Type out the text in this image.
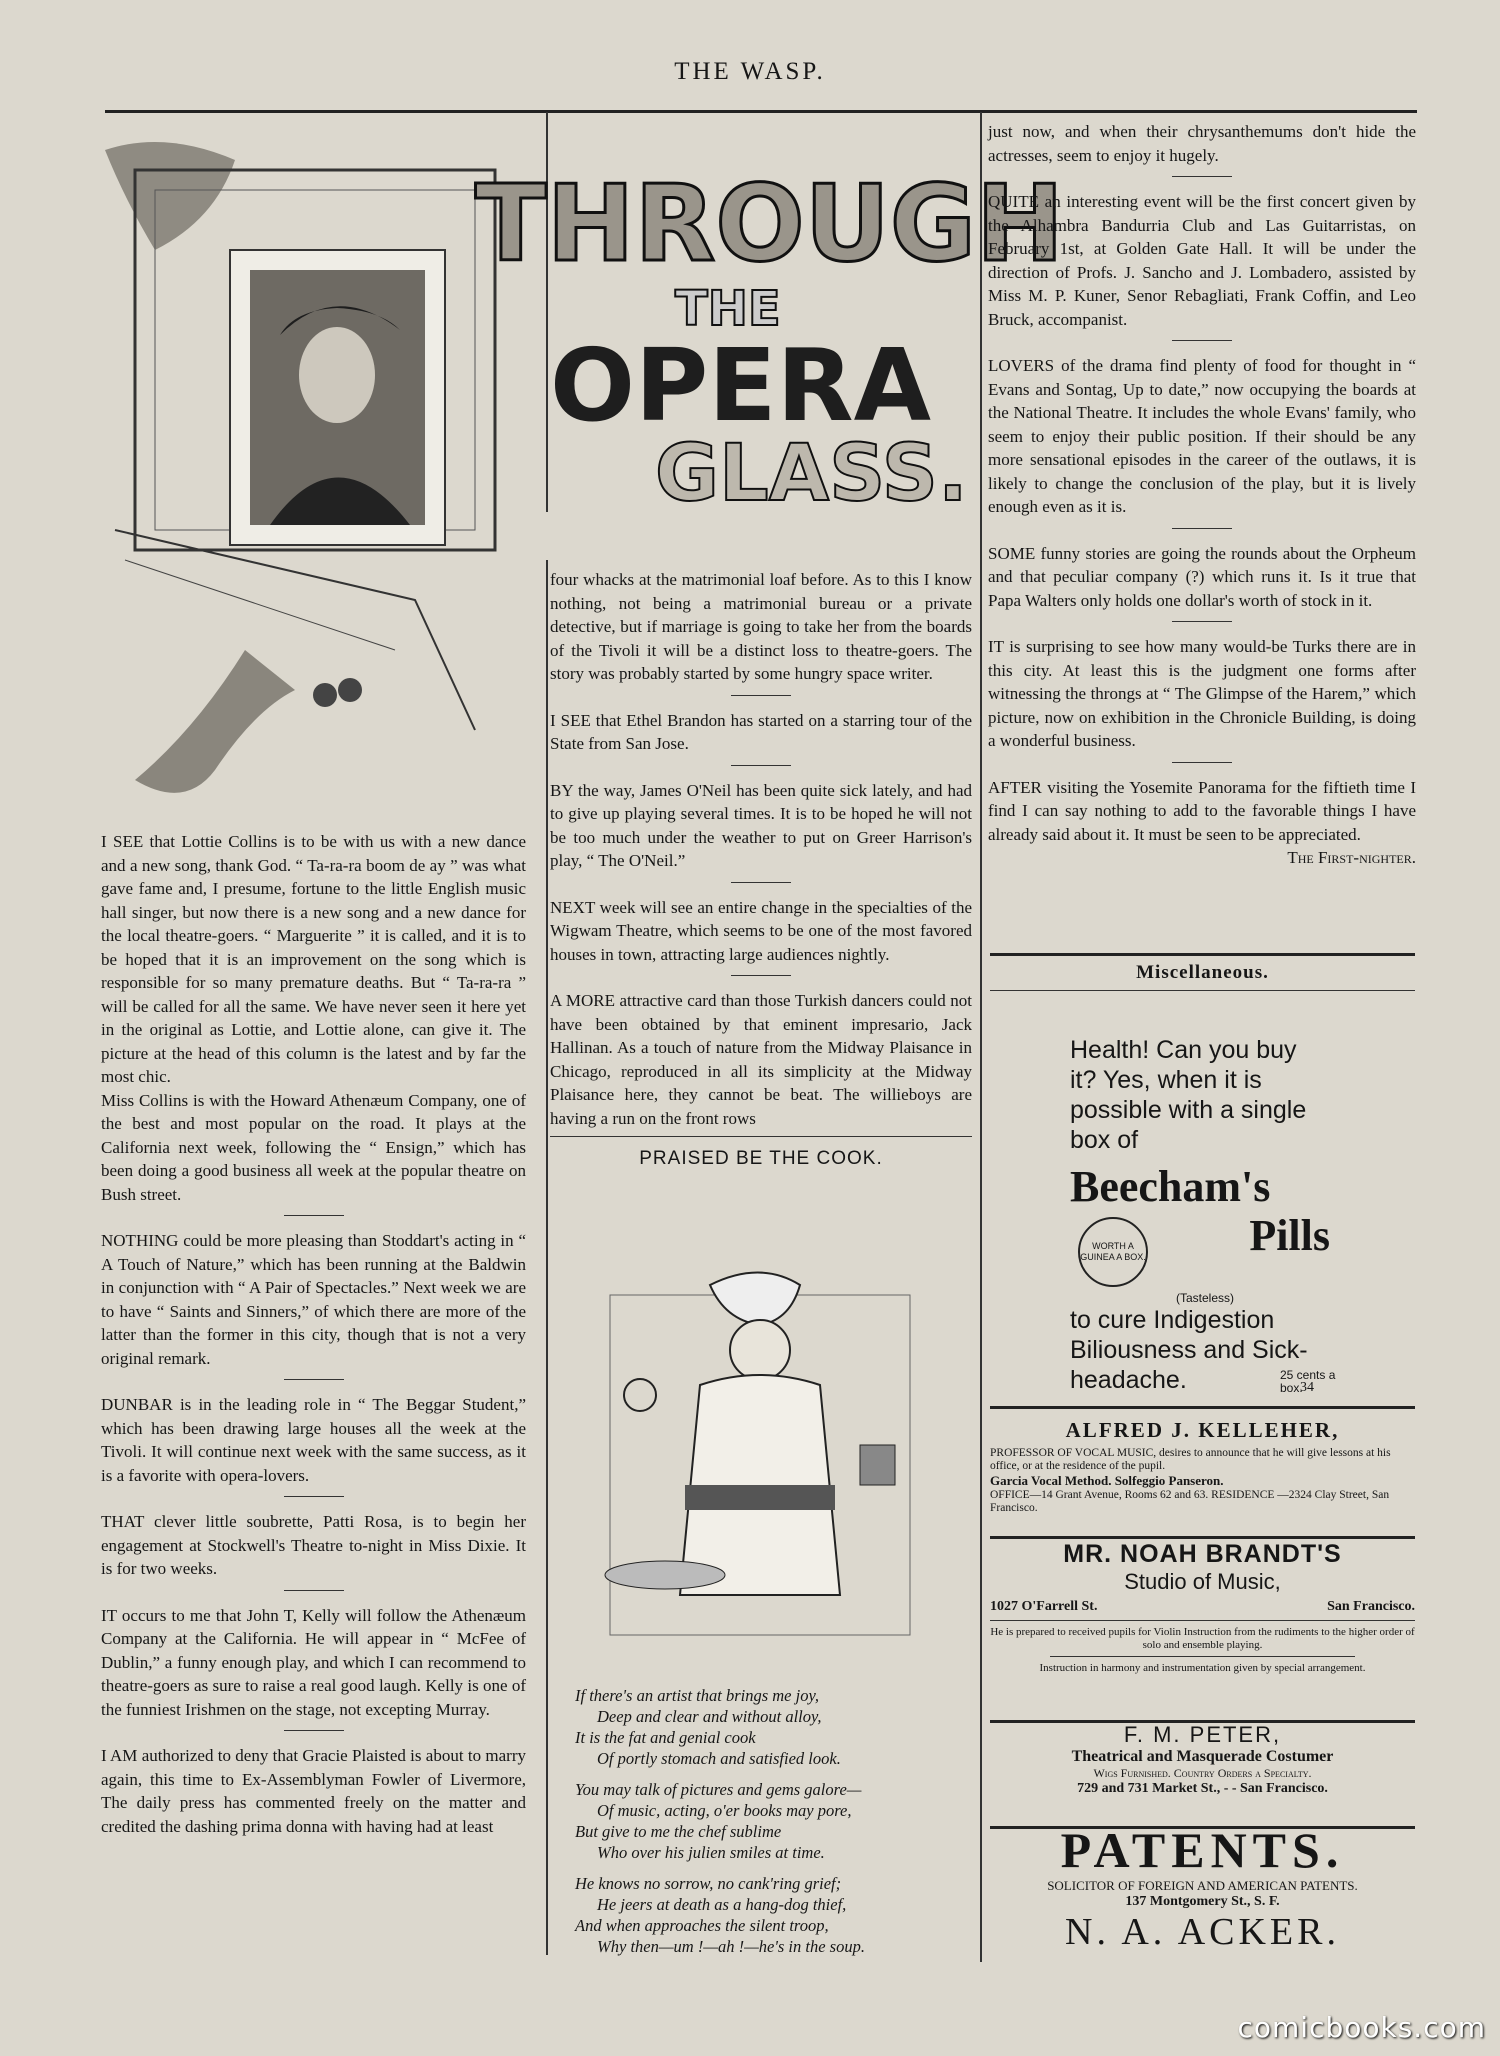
THE WASP.
THROUGH
THE
OPERA
GLASS.

I SEE that Lottie Collins is to be with us with a new dance and a new song, thank God. “ Ta-ra-ra boom de ay ” was what gave fame and, I presume, fortune to the little English music hall singer, but now there is a new song and a new dance for the local theatre-goers. “ Marguerite ” it is called, and it is to be hoped that it is an improvement on the song which is responsible for so many premature deaths. But “ Ta-ra-ra ” will be called for all the same. We have never seen it here yet in the original as Lottie, and Lottie alone, can give it. The picture at the head of this column is the latest and by far the most chic.

Miss Collins is with the Howard Athenæum Company, one of the best and most popular on the road. It plays at the California next week, following the “ Ensign,” which has been doing a good business all week at the popular theatre on Bush street.

NOTHING could be more pleasing than Stoddart's acting in “ A Touch of Nature,” which has been running at the Baldwin in conjunction with “ A Pair of Spectacles.” Next week we are to have “ Saints and Sinners,” of which there are more of the latter than the former in this city, though that is not a very original remark.

DUNBAR is in the leading role in “ The Beggar Student,” which has been drawing large houses all the week at the Tivoli. It will continue next week with the same success, as it is a favorite with opera-lovers.

THAT clever little soubrette, Patti Rosa, is to begin her engagement at Stockwell's Theatre to-night in Miss Dixie. It is for two weeks.

IT occurs to me that John T, Kelly will follow the Athenæum Company at the California. He will appear in “ McFee of Dublin,” a funny enough play, and which I can recommend to theatre-goers as sure to raise a real good laugh. Kelly is one of the funniest Irishmen on the stage, not excepting Murray.

I AM authorized to deny that Gracie Plaisted is about to marry again, this time to Ex-Assemblyman Fowler of Livermore, The daily press has commented freely on the matter and credited the dashing prima donna with having had at least

four whacks at the matrimonial loaf before. As to this I know nothing, not being a matrimonial bureau or a private detective, but if marriage is going to take her from the boards of the Tivoli it will be a distinct loss to theatre-goers. The story was probably started by some hungry space writer.

I SEE that Ethel Brandon has started on a starring tour of the State from San Jose.

BY the way, James O'Neil has been quite sick lately, and had to give up playing several times. It is to be hoped he will not be too much under the weather to put on Greer Harrison's play, “ The O'Neil.”

NEXT week will see an entire change in the specialties of the Wigwam Theatre, which seems to be one of the most favored houses in town, attracting large audiences nightly.

A MORE attractive card than those Turkish dancers could not have been obtained by that eminent impresario, Jack Hallinan. As a touch of nature from the Midway Plaisance in Chicago, reproduced in all its simplicity at the Midway Plaisance here, they cannot be beat. The willieboys are having a run on the front rows

PRAISED BE THE COOK.
If there's an artist that brings me joy,
Deep and clear and without alloy,
It is the fat and genial cook
Of portly stomach and satisfied look.
You may talk of pictures and gems galore—
Of music, acting, o'er books may pore,
But give to me the chef sublime
Who over his julien smiles at time.
He knows no sorrow, no cank'ring grief;
He jeers at death as a hang-dog thief,
And when approaches the silent troop,
Why then—um !—ah !—he's in the soup.

just now, and when their chrysanthemums don't hide the actresses, seem to enjoy it hugely.

QUITE an interesting event will be the first concert given by the Alhambra Bandurria Club and Las Guitarristas, on February 1st, at Golden Gate Hall. It will be under the direction of Profs. J. Sancho and J. Lombadero, assisted by Miss M. P. Kuner, Senor Rebagliati, Frank Coffin, and Leo Bruck, accompanist.

LOVERS of the drama find plenty of food for thought in “ Evans and Sontag, Up to date,” now occupying the boards at the National Theatre. It includes the whole Evans' family, who seem to enjoy their public position. If their should be any more sensational episodes in the career of the outlaws, it is likely to change the conclusion of the play, but it is lively enough even as it is.

SOME funny stories are going the rounds about the Orpheum and that peculiar company (?) which runs it. Is it true that Papa Walters only holds one dollar's worth of stock in it.

IT is surprising to see how many would-be Turks there are in this city. At least this is the judgment one forms after witnessing the throngs at “ The Glimpse of the Harem,” which picture, now on exhibition in the Chronicle Building, is doing a wonderful business.

AFTER visiting the Yosemite Panorama for the fiftieth time I find I can say nothing to add to the favorable things I have already said about it. It must be seen to be appreciated.

The First-nighter.

Miscellaneous.
Health! Can you buy
it? Yes, when it is
possible with a single
box of
Beecham's
WORTH A GUINEA A BOX. Pills
(Tasteless)
to cure Indigestion
Biliousness and Sick-
headache.	25 cents a box.
34
ALFRED J. KELLEHER,
PROFESSOR OF VOCAL MUSIC, desires to announce that he will give lessons at his office, or at the residence of the pupil.
Garcia Vocal Method. Solfeggio Panseron.
OFFICE—14 Grant Avenue, Rooms 62 and 63. RESIDENCE —2324 Clay Street, San Francisco.
MR. NOAH BRANDT'S
Studio of Music,
1027 O'Farrell St.	San Francisco.
He is prepared to received pupils for Violin Instruction from the rudiments to the higher order of solo and ensemble playing.
Instruction in harmony and instrumentation given by special arrangement.
F. M. PETER,
Theatrical and Masquerade Costumer
Wigs Furnished. Country Orders a Specialty.
729 and 731 Market St., - - San Francisco.
PATENTS.
SOLICITOR OF FOREIGN AND AMERICAN PATENTS.
137 Montgomery St., S. F.
N. A. ACKER.
comicbooks.com
